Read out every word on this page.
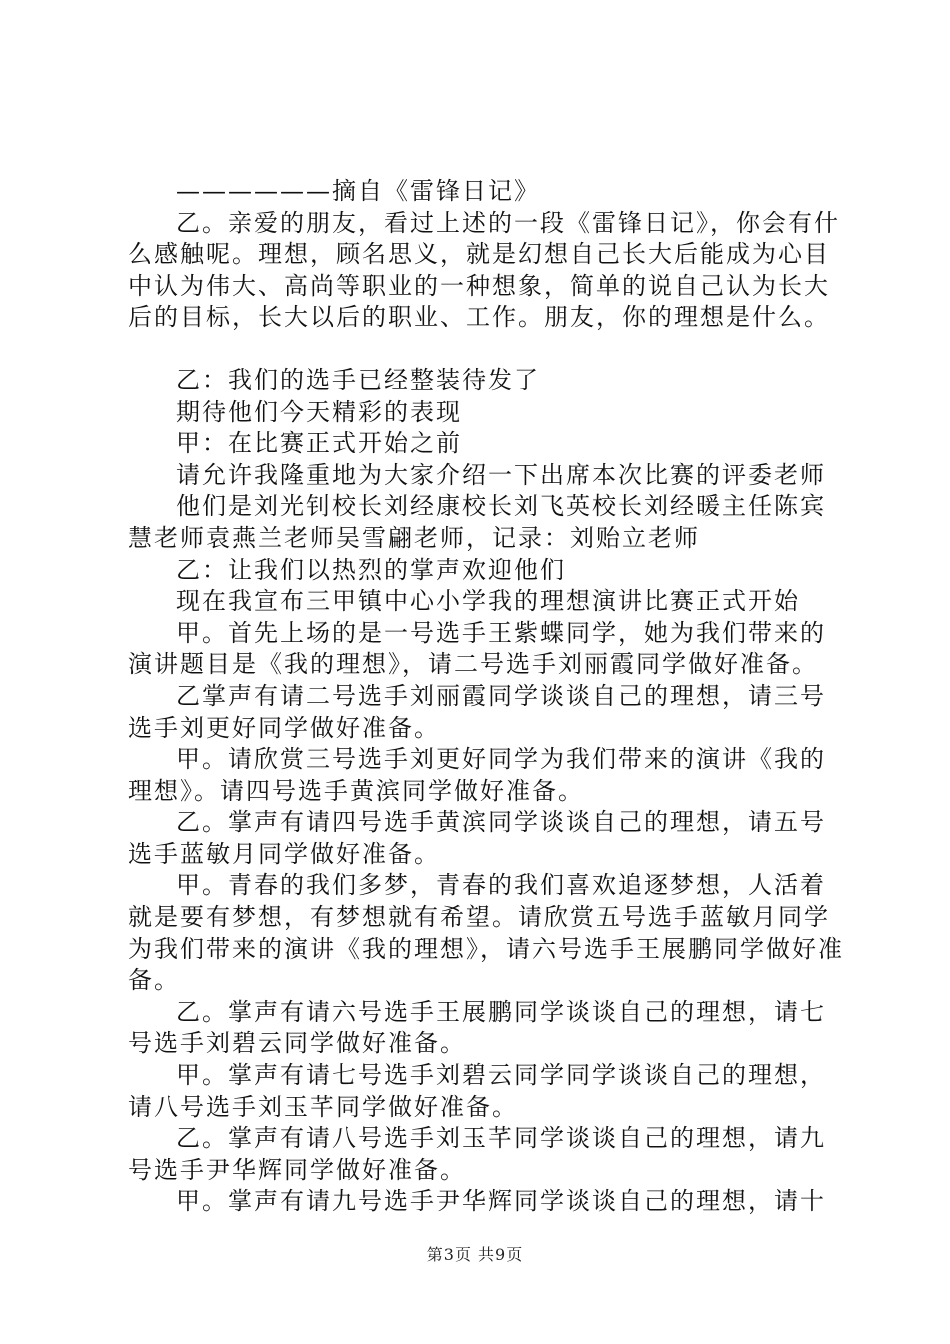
——————摘自《雷锋日记》

乙。亲爱的朋友，看过上述的一段《雷锋日记》，你会有什么感触呢。理想，顾名思义，就是幻想自己长大后能成为心目中认为伟大、高尚等职业的一种想象，简单的说自己认为长大后的目标，长大以后的职业、工作。朋友，你的理想是什么。

乙：我们的选手已经整装待发了

期待他们今天精彩的表现

甲：在比赛正式开始之前

请允许我隆重地为大家介绍一下出席本次比赛的评委老师

他们是刘光钊校长刘经康校长刘飞英校长刘经暖主任陈宾慧老师袁燕兰老师吴雪翩老师，记录：刘贻立老师

乙：让我们以热烈的掌声欢迎他们

现在我宣布三甲镇中心小学我的理想演讲比赛正式开始

甲。首先上场的是一号选手王紫蝶同学，她为我们带来的演讲题目是《我的理想》，请二号选手刘丽霞同学做好准备。

乙掌声有请二号选手刘丽霞同学谈谈自己的理想，请三号选手刘更好同学做好准备。

甲。请欣赏三号选手刘更好同学为我们带来的演讲《我的理想》。请四号选手黄滨同学做好准备。

乙。掌声有请四号选手黄滨同学谈谈自己的理想，请五号选手蓝敏月同学做好准备。

甲。青春的我们多梦，青春的我们喜欢追逐梦想，人活着就是要有梦想，有梦想就有希望。请欣赏五号选手蓝敏月同学为我们带来的演讲《我的理想》，请六号选手王展鹏同学做好准备。

乙。掌声有请六号选手王展鹏同学谈谈自己的理想，请七号选手刘碧云同学做好准备。

甲。掌声有请七号选手刘碧云同学同学谈谈自己的理想，请八号选手刘玉芊同学做好准备。

乙。掌声有请八号选手刘玉芊同学谈谈自己的理想，请九号选手尹华辉同学做好准备。

甲。掌声有请九号选手尹华辉同学谈谈自己的理想，请十

第3页 共9页
